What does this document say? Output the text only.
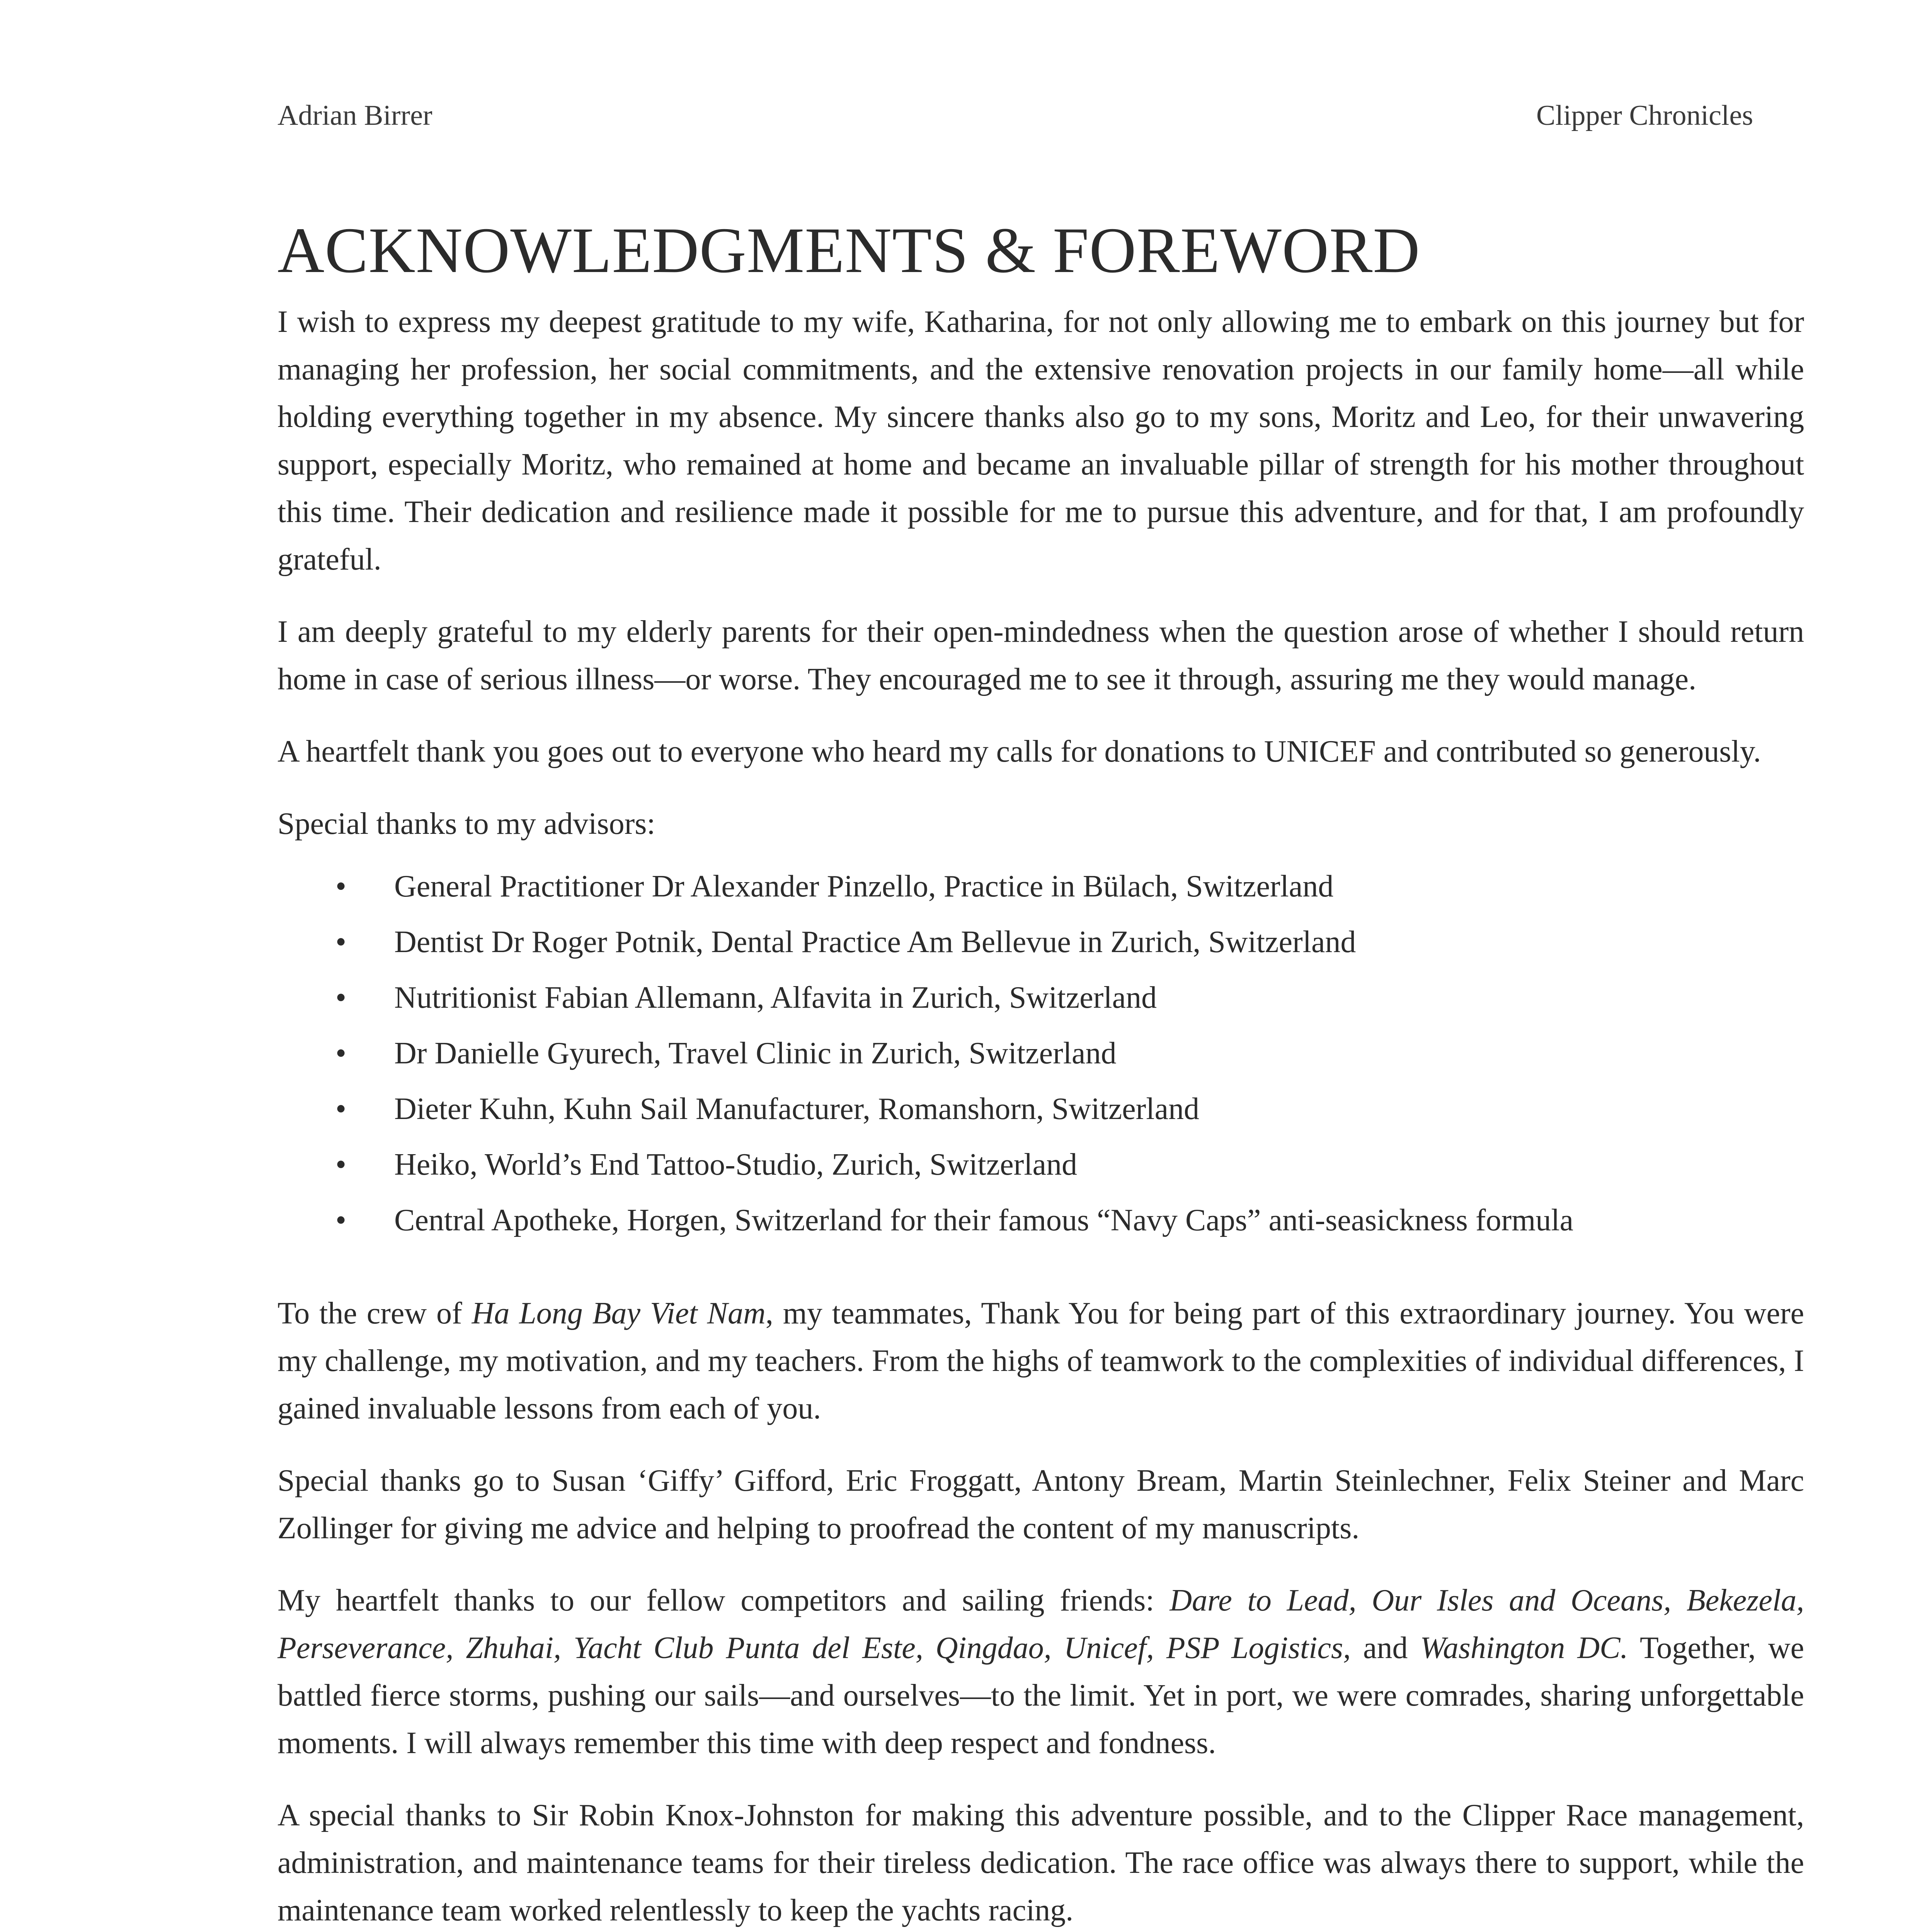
Adrian Birrer	Clipper Chronicles
ACKNOWLEDGMENTS & FOREWORD

I wish to express my deepest gratitude to my wife, Katharina, for not only allowing me to embark on this journey but for managing her profession, her social commitments, and the extensive renovation projects in our family home—all while holding everything together in my absence. My sincere thanks also go to my sons, Moritz and Leo, for their unwavering support, especially Moritz, who remained at home and became an invaluable pillar of strength for his mother throughout this time. Their dedication and resilience made it possible for me to pursue this adventure, and for that, I am profoundly grateful.

I am deeply grateful to my elderly parents for their open-mindedness when the question arose of whether I should return home in case of serious illness—or worse. They encouraged me to see it through, assuring me they would manage.

A heartfelt thank you goes out to everyone who heard my calls for donations to UNICEF and contributed so generously.

Special thanks to my advisors:

• General Practitioner Dr Alexander Pinzello, Practice in Bülach, Switzerland
• Dentist Dr Roger Potnik, Dental Practice Am Bellevue in Zurich, Switzerland
• Nutritionist Fabian Allemann, Alfavita in Zurich, Switzerland
• Dr Danielle Gyurech, Travel Clinic in Zurich, Switzerland
• Dieter Kuhn, Kuhn Sail Manufacturer, Romanshorn, Switzerland
• Heiko, World’s End Tattoo-Studio, Zurich, Switzerland
• Central Apotheke, Horgen, Switzerland for their famous “Navy Caps” anti-seasickness formula

To the crew of Ha Long Bay Viet Nam, my teammates, Thank You for being part of this extraordinary journey. You were my challenge, my motivation, and my teachers. From the highs of teamwork to the complexities of individual differences, I gained invaluable lessons from each of you.

Special thanks go to Susan ‘Giffy’ Gifford, Eric Froggatt, Antony Bream, Martin Steinlechner, Felix Steiner and Marc Zollinger for giving me advice and helping to proofread the content of my manuscripts.

My heartfelt thanks to our fellow competitors and sailing friends: Dare to Lead, Our Isles and Oceans, Bekezela, Perseverance, Zhuhai, Yacht Club Punta del Este, Qingdao, Unicef, PSP Logistics, and Washington DC. Together, we battled fierce storms, pushing our sails—and ourselves—to the limit. Yet in port, we were comrades, sharing unforgettable moments. I will always remember this time with deep respect and fondness.

A special thanks to Sir Robin Knox-Johnston for making this adventure possible, and to the Clipper Race management, administration, and maintenance teams for their tireless dedication. The race office was always there to support, while the maintenance team worked relentlessly to keep the yachts racing.
